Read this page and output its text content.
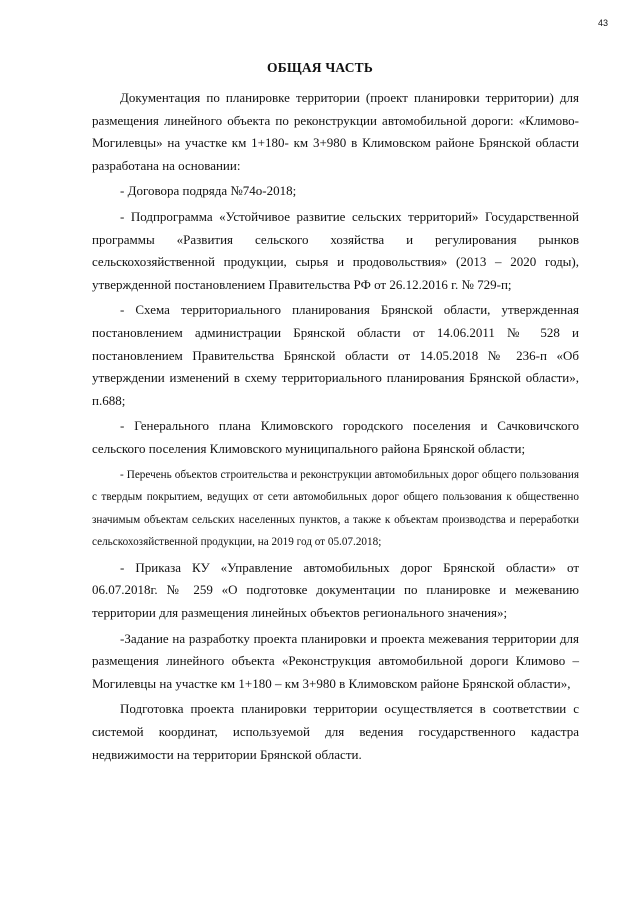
43
ОБЩАЯ ЧАСТЬ

Документация по планировке территории (проект планировки территории) для размещения линейного объекта по реконструкции автомобильной дороги: «Климово-Могилевцы» на участке км 1+180- км 3+980 в Климовском районе Брянской области разработана на основании:

- Договора подряда №74о-2018;

- Подпрограмма «Устойчивое развитие сельских территорий» Государственной программы «Развития сельского хозяйства и регулирования рынков сельскохозяйственной продукции, сырья и продовольствия» (2013 – 2020 годы), утвержденной постановлением Правительства РФ от 26.12.2016 г. № 729-п;

- Схема территориального планирования Брянской области, утвержденная постановлением администрации Брянской области от 14.06.2011 № 528 и постановлением Правительства Брянской области от 14.05.2018 № 236-п «Об утверждении изменений в схему территориального планирования Брянской области», п.688;

- Генерального плана Климовского городского поселения и Сачковичского сельского поселения Климовского муниципального района Брянской области;

- Перечень объектов строительства и реконструкции автомобильных дорог общего пользования с твердым покрытием, ведущих от сети автомобильных дорог общего пользования к общественно значимым объектам сельских населенных пунктов, а также к объектам производства и переработки сельскохозяйственной продукции, на 2019 год от 05.07.2018;

- Приказа КУ «Управление автомобильных дорог Брянской области» от 06.07.2018г. № 259 «О подготовке документации по планировке и межеванию территории для размещения линейных объектов регионального значения»;

-Задание на разработку проекта планировки и проекта межевания территории для размещения линейного объекта «Реконструкция автомобильной дороги Климово – Могилевцы на участке км 1+180 – км 3+980 в Климовском районе Брянской области»,

Подготовка проекта планировки территории осуществляется в соответствии с системой координат, используемой для ведения государственного кадастра недвижимости на территории Брянской области.
